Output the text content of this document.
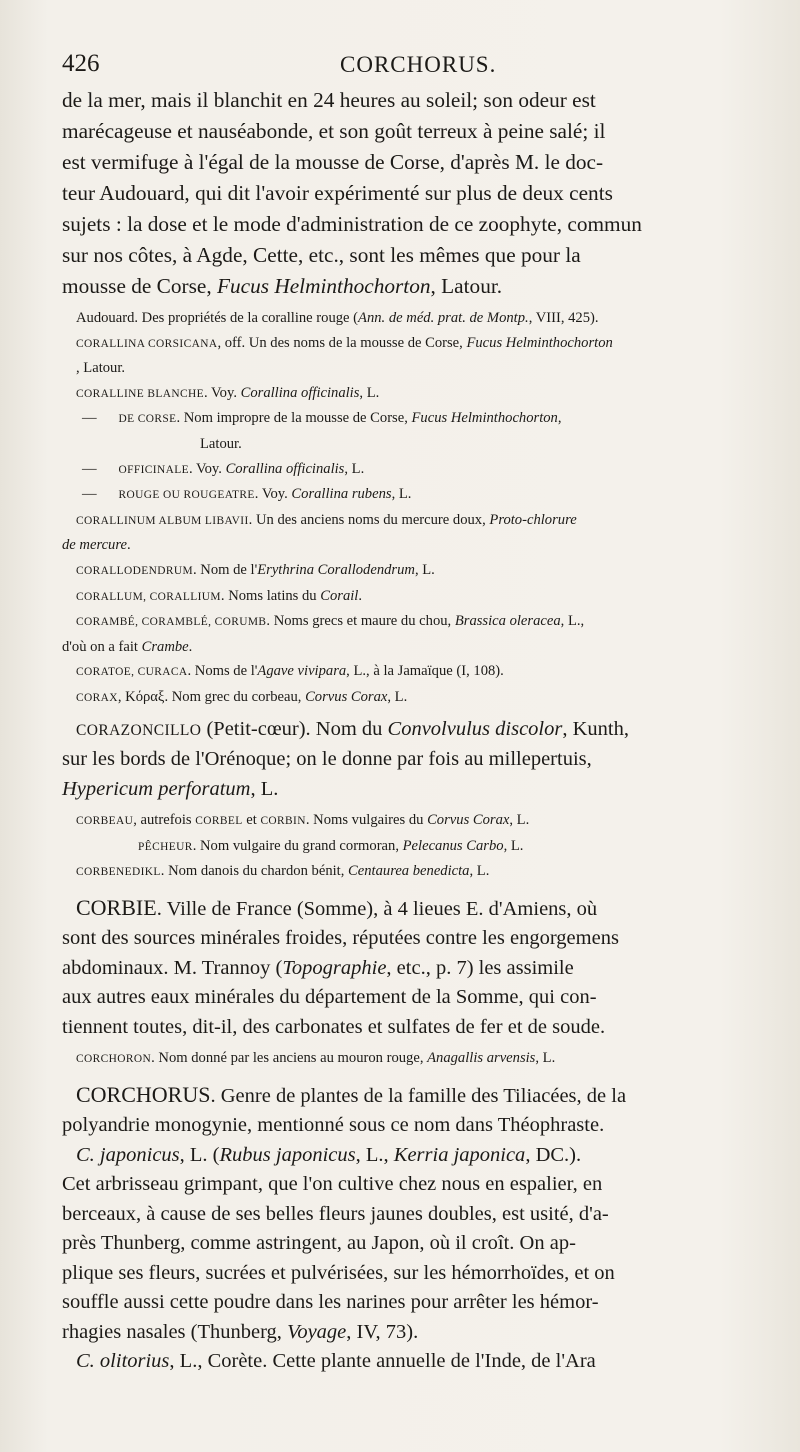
426	CORCHORUS.

de la mer, mais il blanchit en 24 heures au soleil; son odeur est

marécageuse et nauséabonde, et son goût terreux à peine salé; il

est vermifuge à l'égal de la mousse de Corse, d'après M. le doc-

teur Audouard, qui dit l'avoir expérimenté sur plus de deux cents

sujets : la dose et le mode d'administration de ce zoophyte, commun

sur nos côtes, à Agde, Cette, etc., sont les mêmes que pour la

mousse de Corse, Fucus Helminthochorton, Latour.

Audouard. Des propriétés de la coralline rouge (Ann. de méd. prat. de Montp., VIII, 425).

CORALLINA CORSICANA, off. Un des noms de la mousse de Corse, Fucus Helminthochorton
, Latour.

CORALLINE BLANCHE. Voy. Corallina officinalis, L.

— DE CORSE. Nom impropre de la mousse de Corse, Fucus Helminthochorton,

Latour.

— OFFICINALE. Voy. Corallina officinalis, L.

— ROUGE OU ROUGEATRE. Voy. Corallina rubens, L.

CORALLINUM ALBUM LIBAVII. Un des anciens noms du mercure doux, Proto-chlorure

de mercure.

CORALLODENDRUM. Nom de l'Erythrina Corallodendrum, L.

CORALLUM, CORALLIUM. Noms latins du Corail.

CORAMBÉ, CORAMBLÉ, CORUMB. Noms grecs et maure du chou, Brassica oleracea, L.,

d'où on a fait Crambe.

CORATOE, CURACA. Noms de l'Agave vivipara, L., à la Jamaïque (I, 108).

CORAX, Κόραξ. Nom grec du corbeau, Corvus Corax, L.

CORAZONCILLO (Petit-cœur). Nom du Convolvulus discolor, Kunth,

sur les bords de l'Orénoque; on le donne par fois au millepertuis,

Hypericum perforatum, L.

CORBEAU, autrefois CORBEL et CORBIN. Noms vulgaires du Corvus Corax, L.

PÊCHEUR. Nom vulgaire du grand cormoran, Pelecanus Carbo, L.

CORBENEDIKL. Nom danois du chardon bénit, Centaurea benedicta, L.

CORBIE. Ville de France (Somme), à 4 lieues E. d'Amiens, où

sont des sources minérales froides, réputées contre les engorgemens

abdominaux. M. Trannoy (Topographie, etc., p. 7) les assimile

aux autres eaux minérales du département de la Somme, qui con-

tiennent toutes, dit-il, des carbonates et sulfates de fer et de soude.

CORCHORON. Nom donné par les anciens au mouron rouge, Anagallis arvensis, L.

CORCHORUS. Genre de plantes de la famille des Tiliacées, de la

polyandrie monogynie, mentionné sous ce nom dans Théophraste.

C. japonicus, L. (Rubus japonicus, L., Kerria japonica, DC.).

Cet arbrisseau grimpant, que l'on cultive chez nous en espalier, en

berceaux, à cause de ses belles fleurs jaunes doubles, est usité, d'a-

près Thunberg, comme astringent, au Japon, où il croît. On ap-

plique ses fleurs, sucrées et pulvérisées, sur les hémorrhoïdes, et on

souffle aussi cette poudre dans les narines pour arrêter les hémor-

rhagies nasales (Thunberg, Voyage, IV, 73).

C. olitorius, L., Corète. Cette plante annuelle de l'Inde, de l'Ara
